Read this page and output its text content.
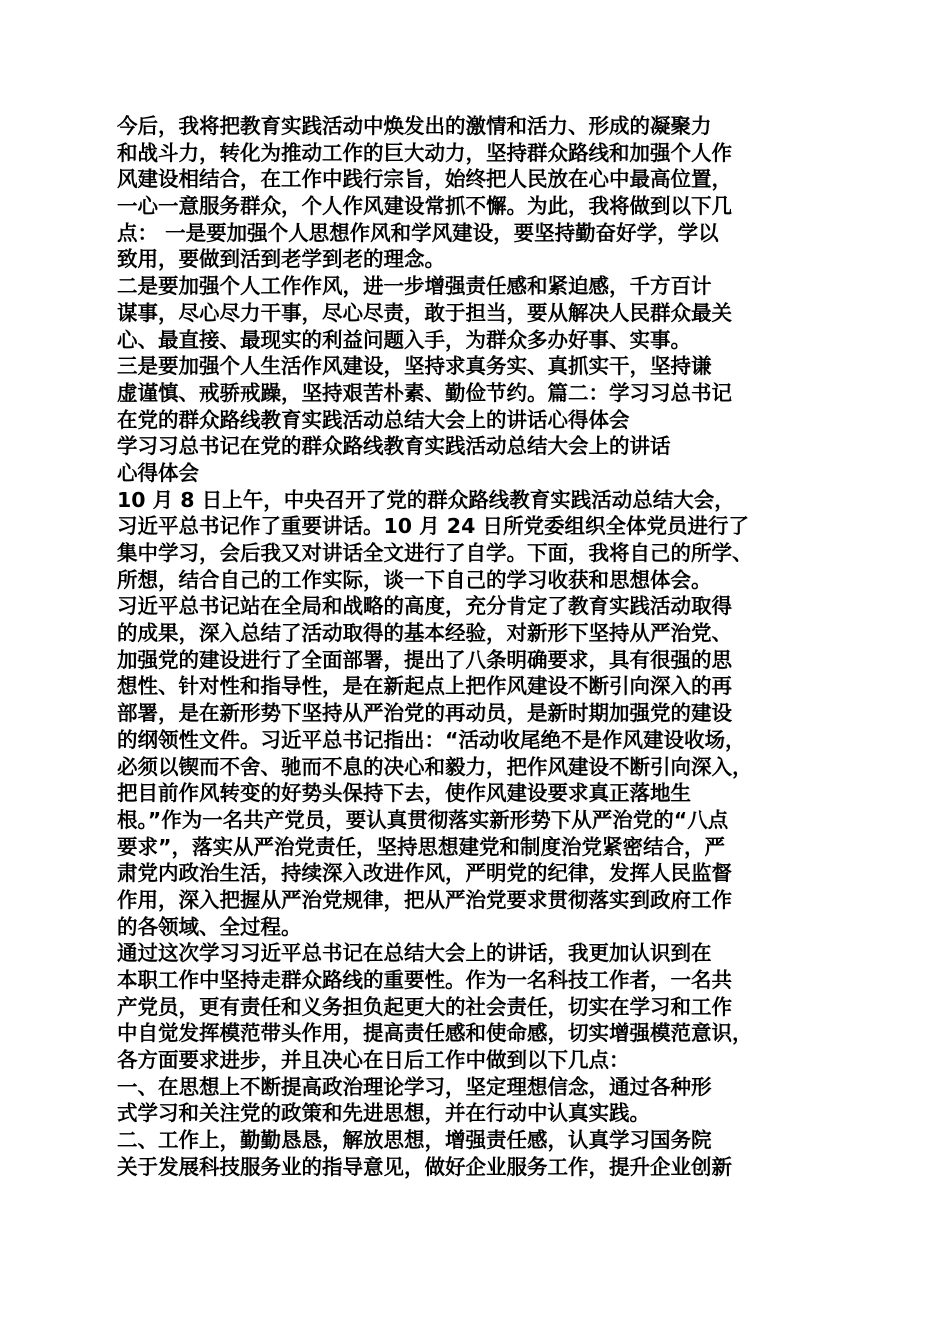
今后，我将把教育实践活动中焕发出的激情和活力、形成的凝聚力
和战斗力，转化为推动工作的巨大动力，坚持群众路线和加强个人作
风建设相结合，在工作中践行宗旨，始终把人民放在心中最高位置，
一心一意服务群众，个人作风建设常抓不懈。为此，我将做到以下几
点： 一是要加强个人思想作风和学风建设，要坚持勤奋好学，学以
致用，要做到活到老学到老的理念。
二是要加强个人工作作风，进一步增强责任感和紧迫感，千方百计
谋事，尽心尽力干事，尽心尽责，敢于担当，要从解决人民群众最关
心、最直接、最现实的利益问题入手，为群众多办好事、实事。
三是要加强个人生活作风建设，坚持求真务实、真抓实干，坚持谦
虚谨慎、戒骄戒躁，坚持艰苦朴素、勤俭节约。篇二：学习习总书记
在党的群众路线教育实践活动总结大会上的讲话心得体会
学习习总书记在党的群众路线教育实践活动总结大会上的讲话
心得体会
10 月 8 日上午，中央召开了党的群众路线教育实践活动总结大会，
习近平总书记作了重要讲话。10 月 24 日所党委组织全体党员进行了
集中学习，会后我又对讲话全文进行了自学。下面，我将自己的所学、
所想，结合自己的工作实际，谈一下自己的学习收获和思想体会。
习近平总书记站在全局和战略的高度，充分肯定了教育实践活动取得
的成果，深入总结了活动取得的基本经验，对新形下坚持从严治党、
加强党的建设进行了全面部署，提出了八条明确要求，具有很强的思
想性、针对性和指导性，是在新起点上把作风建设不断引向深入的再
部署，是在新形势下坚持从严治党的再动员，是新时期加强党的建设
的纲领性文件。习近平总书记指出：“活动收尾绝不是作风建设收场，
必须以锲而不舍、驰而不息的决心和毅力，把作风建设不断引向深入，
把目前作风转变的好势头保持下去，使作风建设要求真正落地生
根。”作为一名共产党员，要认真贯彻落实新形势下从严治党的“八点
要求”，落实从严治党责任，坚持思想建党和制度治党紧密结合，严
肃党内政治生活，持续深入改进作风，严明党的纪律，发挥人民监督
作用，深入把握从严治党规律，把从严治党要求贯彻落实到政府工作
的各领域、全过程。
通过这次学习习近平总书记在总结大会上的讲话，我更加认识到在
本职工作中坚持走群众路线的重要性。作为一名科技工作者，一名共
产党员，更有责任和义务担负起更大的社会责任，切实在学习和工作
中自觉发挥模范带头作用，提高责任感和使命感，切实增强模范意识，
各方面要求进步，并且决心在日后工作中做到以下几点：
一、在思想上不断提高政治理论学习，坚定理想信念，通过各种形
式学习和关注党的政策和先进思想，并在行动中认真实践。
二、工作上，勤勤恳恳，解放思想，增强责任感，认真学习国务院
关于发展科技服务业的指导意见，做好企业服务工作，提升企业创新
